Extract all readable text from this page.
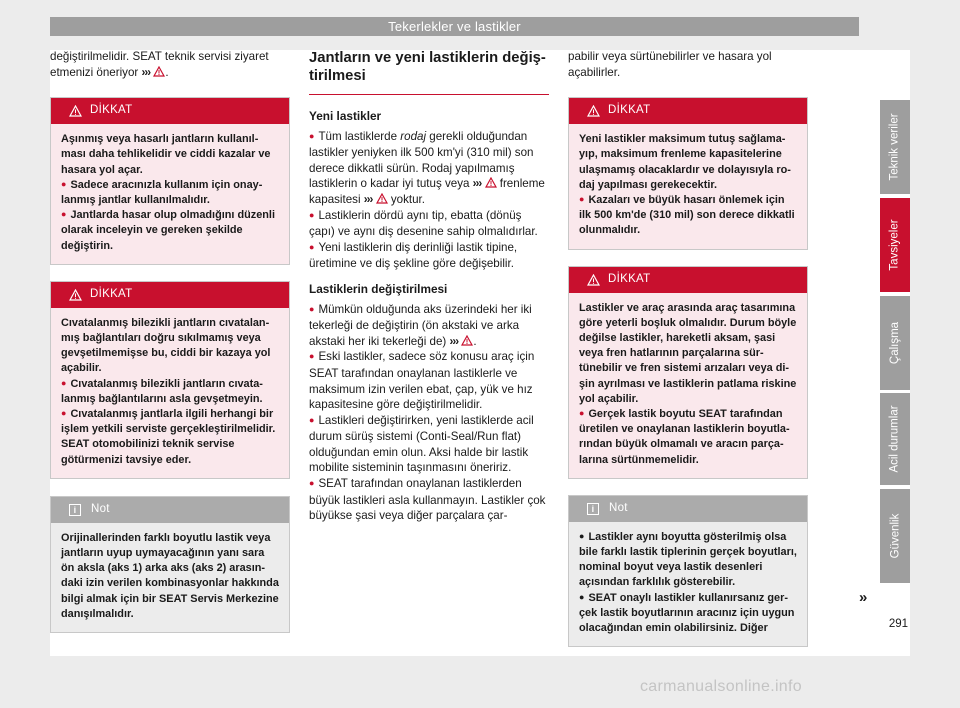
Tekerlekler ve lastikler

değiştirilmelidir. SEAT teknik servisi ziyaret etmenizi öneriyor ››› .

DİKKAT

Aşınmış veya hasarlı jantların kullanılması daha tehlikelidir ve ciddi kazalar ve hasara yol açar.

● Sadece aracınızla kullanım için onaylanmış jantlar kullanılmalıdır.

● Jantlarda hasar olup olmadığını düzenli olarak inceleyin ve gereken şekilde değiştirin.

DİKKAT

Cıvatalanmış bilezikli jantların cıvatalanmış bağlantıları doğru sıkılmamış veya gevşetilmemişse bu, ciddi bir kazaya yol açabilir.

● Cıvatalanmış bilezikli jantların cıvatalanmış bağlantılarını asla gevşetmeyin.

● Cıvatalanmış jantlarla ilgili herhangi bir işlem yetkili serviste gerçekleştirilmelidir. SEAT otomobilinizi teknik servise götürmenizi tavsiye eder.

i	Not

Orijinallerinden farklı boyutlu lastik veya jantların uyup uymayacağının yanı sara ön aksla (aks 1) arka aks (aks 2) arasındaki izin verilen kombinasyonlar hakkında bilgi almak için bir SEAT Servis Merkezine danışılmalıdır.

Jantların ve yeni lastiklerin değiştirilmesi

Yeni lastikler

● Tüm lastiklerde rodaj gerekli olduğundan lastikler yeniyken ilk 500 km'yi (310 mil) son derece dikkatli sürün. Rodaj yapılmamış lastiklerin o kadar iyi tutuş veya ›››  frenleme kapasitesi ›››  yoktur.

● Lastiklerin dördü aynı tip, ebatta (dönüş çapı) ve aynı diş desenine sahip olmalıdırlar.

● Yeni lastiklerin diş derinliği lastik tipine, üretimine ve diş şekline göre değişebilir.

Lastiklerin değiştirilmesi

● Mümkün olduğunda aks üzerindeki her iki tekerleği de değiştirin (ön akstaki ve arka akstaki her iki tekerleği de) ››› .

● Eski lastikler, sadece söz konusu araç için SEAT tarafından onaylanan lastiklerle ve maksimum izin verilen ebat, çap, yük ve hız kapasitesine göre değiştirilmelidir.

● Lastikleri değiştirirken, yeni lastiklerde acil durum sürüş sistemi (Conti-Seal/Run flat) olduğundan emin olun. Aksi halde bir lastik mobilite sisteminin taşınmasını öneririz.

● SEAT tarafından onaylanan lastiklerden büyük lastikleri asla kullanmayın. Lastikler çok büyükse şasi veya diğer parçalara çar-

pabilir veya sürtünebilirler ve hasara yol açabilirler.

DİKKAT

Yeni lastikler maksimum tutuş sağlamayıp, maksimum frenleme kapasitelerine ulaşmamış olacaklardır ve dolayısıyla rodaj yapılması gerekecektir.

● Kazaları ve büyük hasarı önlemek için ilk 500 km'de (310 mil) son derece dikkatli olunmalıdır.

DİKKAT

Lastikler ve araç arasında araç tasarımına göre yeterli boşluk olmalıdır. Durum böyle değilse lastikler, hareketli aksam, şasi veya fren hatlarının parçalarına sürtünebilir ve fren sistemi arızaları veya dişin ayrılması ve lastiklerin patlama riskine yol açabilir.

● Gerçek lastik boyutu SEAT tarafından üretilen ve onaylanan lastiklerin boyutlarından büyük olmamalı ve aracın parçalarına sürtünmemelidir.

i	Not

● Lastikler aynı boyutta gösterilmiş olsa bile farklı lastik tiplerinin gerçek boyutları, nominal boyut veya lastik desenleri açısından farklılık gösterebilir.

● SEAT onaylı lastikler kullanırsanız gerçek lastik boyutlarının aracınız için uygun olacağından emin olabilirsiniz. Diğer

»
Teknik veriler
Tavsiyeler
Çalışma
Acil durumlar
Güvenlik
291
carmanualsonline.info
